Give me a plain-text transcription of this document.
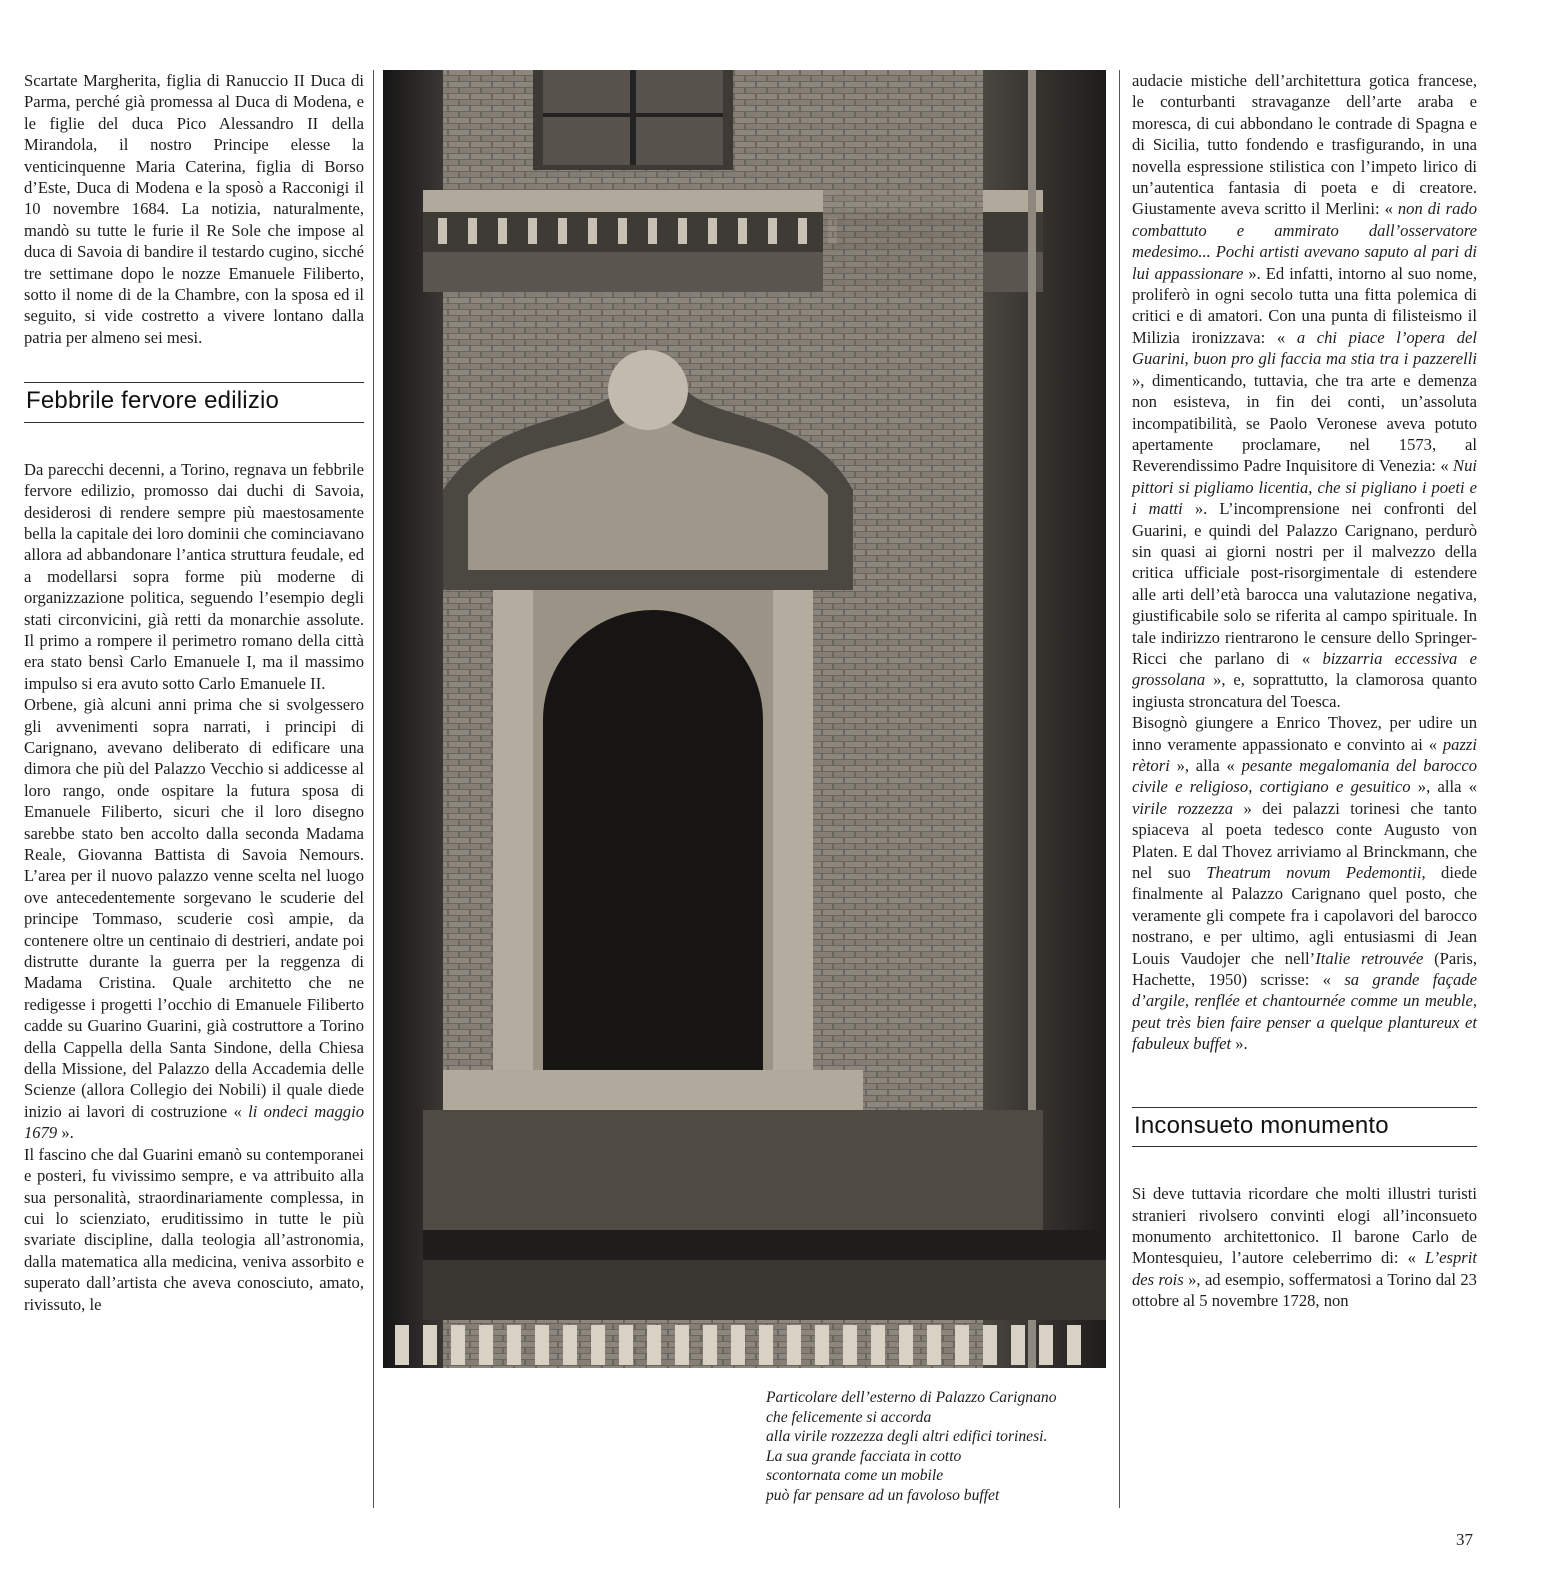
Scartate Margherita, figlia di Ranuccio II Duca di Parma, perché già promessa al Duca di Modena, e le figlie del duca Pico Alessandro II della Mirandola, il nostro Principe elesse la venticinquenne Maria Caterina, figlia di Borso d’Este, Duca di Modena e la sposò a Racconigi il 10 novembre 1684. La notizia, naturalmente, mandò su tutte le furie il Re Sole che impose al duca di Savoia di bandire il testardo cugino, sicché tre settimane dopo le nozze Emanuele Filiberto, sotto il nome di de la Chambre, con la sposa ed il seguito, si vide costretto a vivere lontano dalla patria per almeno sei mesi.

Febbrile fervore edilizio

Da parecchi decenni, a Torino, regnava un febbrile fervore edilizio, promosso dai duchi di Savoia, desiderosi di rendere sempre più maestosamente bella la capitale dei loro dominii che cominciavano allora ad abbandonare l’antica struttura feudale, ed a modellarsi sopra forme più moderne di organizzazione politica, seguendo l’esempio degli stati circonvicini, già retti da monarchie assolute. Il primo a rompere il perimetro romano della città era stato bensì Carlo Emanuele I, ma il massimo impulso si era avuto sotto Carlo Emanuele II.

Orbene, già alcuni anni prima che si svolgessero gli avvenimenti sopra narrati, i principi di Carignano, avevano deliberato di edificare una dimora che più del Palazzo Vecchio si addicesse al loro rango, onde ospitare la futura sposa di Emanuele Filiberto, sicuri che il loro disegno sarebbe stato ben accolto dalla seconda Madama Reale, Giovanna Battista di Savoia Nemours. L’area per il nuovo palazzo venne scelta nel luogo ove antecedentemente sorgevano le scuderie del principe Tommaso, scuderie così ampie, da contenere oltre un centinaio di destrieri, andate poi distrutte durante la guerra per la reggenza di Madama Cristina. Quale architetto che ne redigesse i progetti l’occhio di Emanuele Filiberto cadde su Guarino Guarini, già costruttore a Torino della Cappella della Santa Sindone, della Chiesa della Missione, del Palazzo della Accademia delle Scienze (allora Collegio dei Nobili) il quale diede inizio ai lavori di costruzione « li ondeci maggio 1679 ».

Il fascino che dal Guarini emanò su contemporanei e posteri, fu vivissimo sempre, e va attribuito alla sua personalità, straordinariamente complessa, in cui lo scienziato, eruditissimo in tutte le più svariate discipline, dalla teologia all’astronomia, dalla matematica alla medicina, veniva assorbito e superato dall’artista che aveva conosciuto, amato, rivissuto, le

Particolare dell’esterno di Palazzo Carignano
che felicemente si accorda
alla virile rozzezza degli altri edifici torinesi.
La sua grande facciata in cotto
scontornata come un mobile
può far pensare ad un favoloso buffet

audacie mistiche dell’architettura gotica francese, le conturbanti stravaganze dell’arte araba e moresca, di cui abbondano le contrade di Spagna e di Sicilia, tutto fondendo e trasfigurando, in una novella espressione stilistica con l’impeto lirico di un’autentica fantasia di poeta e di creatore. Giustamente aveva scritto il Merlini: « non di rado combattuto e ammirato dall’osservatore medesimo... Pochi artisti avevano saputo al pari di lui appassionare ». Ed infatti, intorno al suo nome, proliferò in ogni secolo tutta una fitta polemica di critici e di amatori. Con una punta di filisteismo il Milizia ironizzava: « a chi piace l’opera del Guarini, buon pro gli faccia ma stia tra i pazzerelli », dimenticando, tuttavia, che tra arte e demenza non esisteva, in fin dei conti, un’assoluta incompatibilità, se Paolo Veronese aveva potuto apertamente proclamare, nel 1573, al Reverendissimo Padre Inquisitore di Venezia: « Nui pittori si pigliamo licentia, che si pigliano i poeti e i matti ». L’incomprensione nei confronti del Guarini, e quindi del Palazzo Carignano, perdurò sin quasi ai giorni nostri per il malvezzo della critica ufficiale post-risorgimentale di estendere alle arti dell’età barocca una valutazione negativa, giustificabile solo se riferita al campo spirituale. In tale indirizzo rientrarono le censure dello Springer-Ricci che parlano di « bizzarria eccessiva e grossolana », e, soprattutto, la clamorosa quanto ingiusta stroncatura del Toesca.

Bisognò giungere a Enrico Thovez, per udire un inno veramente appassionato e convinto ai « pazzi rètori », alla « pesante megalomania del barocco civile e religioso, cortigiano e gesuitico », alla « virile rozzezza » dei palazzi torinesi che tanto spiaceva al poeta tedesco conte Augusto von Platen. E dal Thovez arriviamo al Brinckmann, che nel suo Theatrum novum Pedemontii, diede finalmente al Palazzo Carignano quel posto, che veramente gli compete fra i capolavori del barocco nostrano, e per ultimo, agli entusiasmi di Jean Louis Vaudojer che nell’Italie retrouvée (Paris, Hachette, 1950) scrisse: « sa grande façade d’argile, renflée et chantournée comme un meuble, peut très bien faire penser a quelque plantureux et fabuleux buffet ».

Inconsueto monumento

Si deve tuttavia ricordare che molti illustri turisti stranieri rivolsero convinti elogi all’inconsueto monumento architettonico. Il barone Carlo de Montesquieu, l’autore celeberrimo di: « L’esprit des rois », ad esempio, soffermatosi a Torino dal 23 ottobre al 5 novembre 1728, non

37
